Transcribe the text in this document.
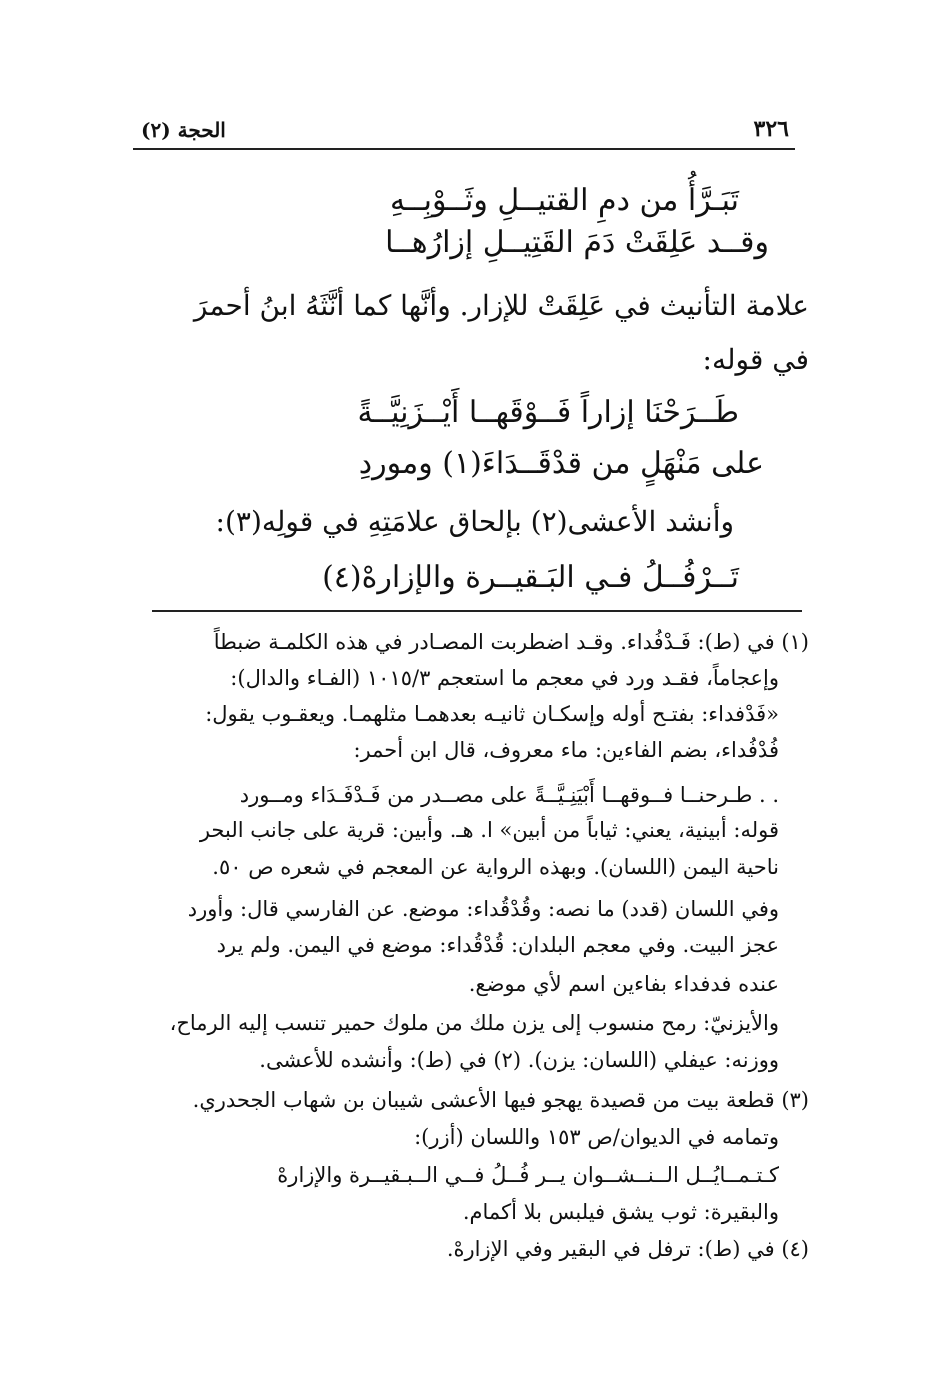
٣٢٦
الحجة (٢)
تَبَـرَّأُ من دمِ القتيــلِ وثَــوْبِــهِ
وقــد عَلِقَتْ دَمَ القَتِيــلِ إزارُهــا
علامة التأنيث في عَلِقَتْ للإزار. وأنَّها كما أنَّثَهُ ابنُ أحمرَ
في قوله:
طَــرَحْنَا إزاراً فَــوْقَهــا أَيْــزَنِيَّــةً
على مَنْهَلٍ من قدْقَــدَاءَ(١) وموردِ
وأنشد الأعشى(٢) بإلحاق علامَتِهِ في قولِه(٣):
تَــرْفُــلُ فـي البَـقيــرة والإزارهْ(٤)
(١) في (ط): فَـدْفُداء. وقـد اضطربت المصـادر في هذه الكلمـة ضبطاً
وإعجاماً، فقـد ورد في معجم ما استعجم ١٠١٥/٣ (الفـاء والدال):
«فَدْفداء: بفتـح أوله وإسكـان ثانيـه بعدهمـا مثلهمـا. ويعقـوب يقول:
فُدْفُداء، بضم الفاءين: ماء معروف، قال ابن أحمر:
. . طـرحنــا فــوقهــا أَبْيَنِـيَّــةً على مصــدر من فَـدْفَـدَاء ومــورد
قوله: أبينية، يعني: ثياباً من أبين» ا. هـ. وأبين: قرية على جانب البحر
ناحية اليمن (اللسان). وبهذه الرواية عن المعجم في شعره ص ٥٠.
وفي اللسان (قدد) ما نصه: وقُدْقُداء: موضع. عن الفارسي قال: وأورد
عجز البيت. وفي معجم البلدان: قُدْقُداء: موضع في اليمن. ولم يرد
عنده فدفداء بفاءين اسم لأي موضع.
والأيزنيّ: رمح منسوب إلى يزن ملك من ملوك حمير تنسب إليه الرماح،
ووزنه: عيفلي (اللسان: يزن). (٢) في (ط): وأنشده للأعشى.
(٣) قطعة بيت من قصيدة يهجو فيها الأعشى شيبان بن شهاب الجحدري.
وتمامه في الديوان/ص ١٥٣ واللسان (أزر):
كـتـمــايُــل الــنــشــوان يــر فُــلُ فــي الــبـقيــرة والإزارهْ
والبقيرة: ثوب يشق فيلبس بلا أكمام.
(٤) في (ط): ترفل في البقير وفي الإزارهْ.
